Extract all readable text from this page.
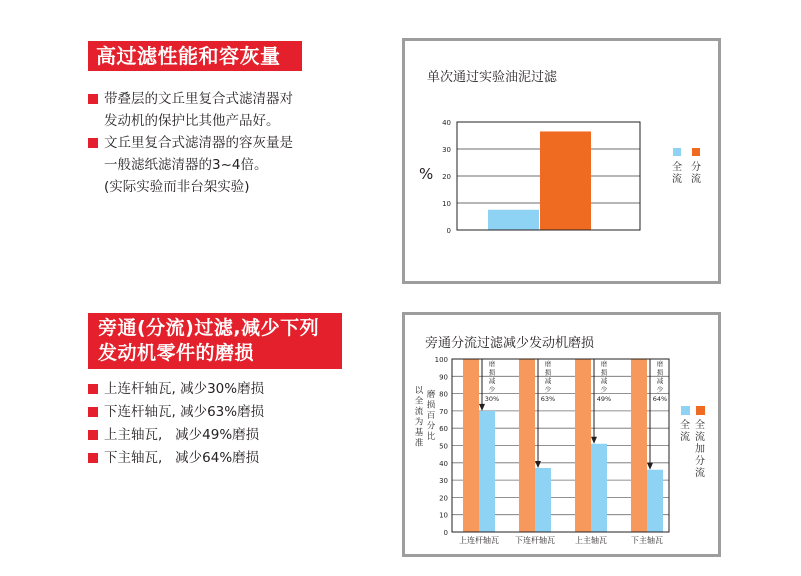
高过滤性能和容灰量
带叠层的文丘里复合式滤清器对
发动机的保护比其他产品好。
文丘里复合式滤清器的容灰量是
一般滤纸滤清器的3~4倍。
(实际实验而非台架实验)
旁通(分流)过滤,减少下列
发动机零件的磨损
上连杆轴瓦, 减少30%磨损
下连杆轴瓦, 减少63%磨损
上主轴瓦, 减少49%磨损
下主轴瓦, 减少64%磨损
单次通过实验油泥过滤
%
0
10
20
30
40
全流
分流
旁通分流过滤减少发动机磨损
以全流为基准磨损百分比
0
10
20
30
40
50
60
70
80
90
100	磨损减少 30%
上连杆轴瓦
磨损减少 63%
下连杆轴瓦
磨损减少 49%
上主轴瓦
磨损减少 64%
下主轴瓦
全流
全流加分流
